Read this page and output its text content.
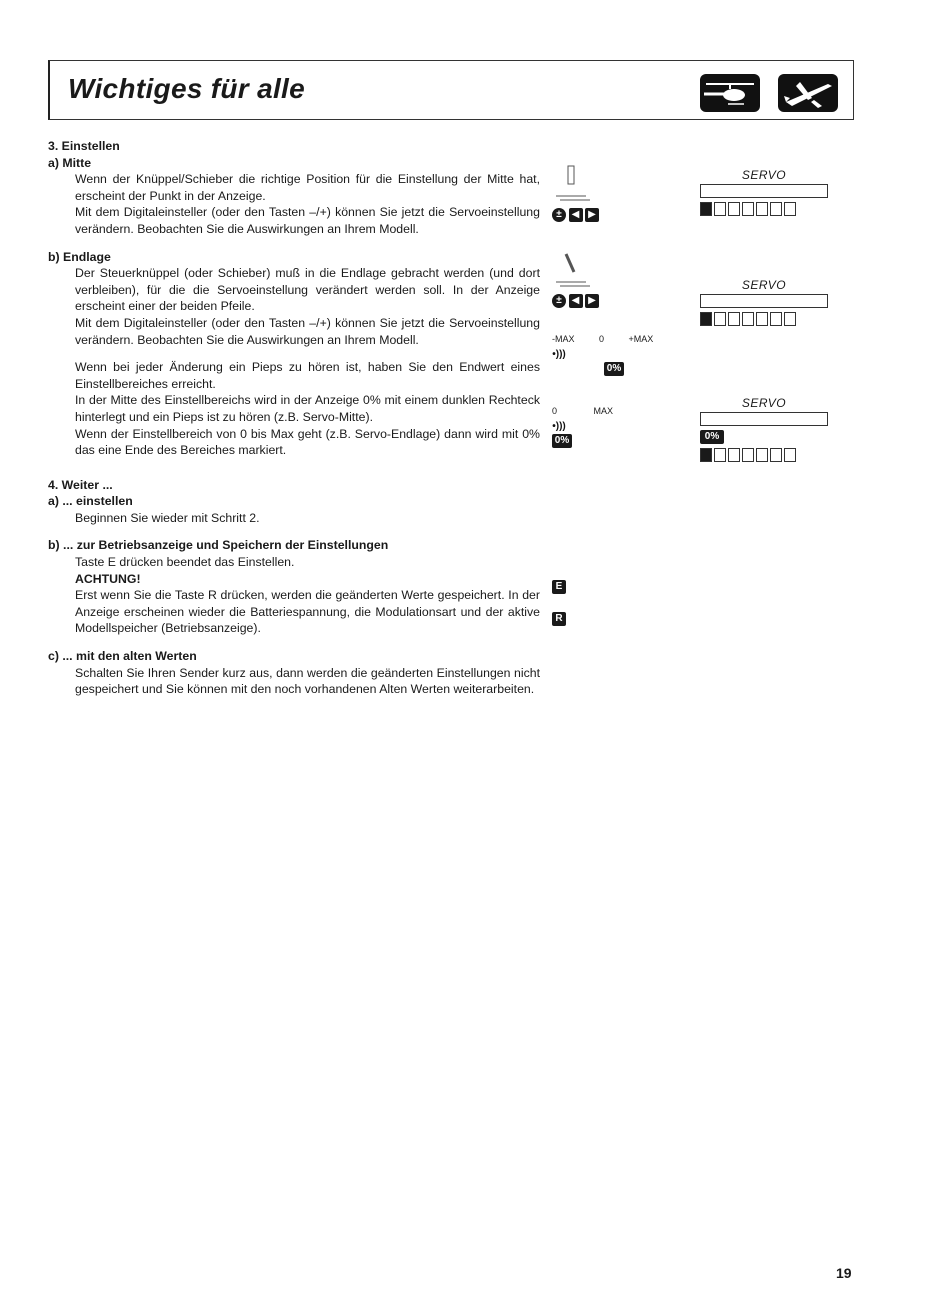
Wichtiges für alle

3. Einstellen

a) Mitte

Wenn der Knüppel/Schieber die richtige Position für die Einstellung der Mitte hat, erscheint der Punkt in der Anzeige.

Mit dem Digitaleinsteller (oder den Tasten –/+) können Sie jetzt die Servoeinstellung verändern. Beobachten Sie die Auswirkungen an Ihrem Modell.

b) Endlage

Der Steuerknüppel (oder Schieber) muß in die Endlage gebracht werden (und dort verbleiben), für die die Servoeinstellung verändert werden soll. In der Anzeige erscheint einer der beiden Pfeile.

Mit dem Digitaleinsteller (oder den Tasten –/+) können Sie jetzt die Servoeinstellung verändern. Beobachten Sie die Auswirkungen an Ihrem Modell.

Wenn bei jeder Änderung ein Pieps zu hören ist, haben Sie den Endwert eines Einstellbereiches erreicht.

In der Mitte des Einstellbereichs wird in der Anzeige 0% mit einem dunklen Rechteck hinterlegt und ein Pieps ist zu hören (z.B. Servo-Mitte).

Wenn der Einstellbereich von 0 bis Max geht (z.B. Servo-Endlage) dann wird mit 0% das eine Ende des Bereiches markiert.

4. Weiter ...

a) ... einstellen

Beginnen Sie wieder mit Schritt 2.

b) ... zur Betriebsanzeige und Speichern der Einstellungen

Taste E drücken beendet das Einstellen.

ACHTUNG!

Erst wenn Sie die Taste R drücken, werden die geänderten Werte gespeichert. In der Anzeige erscheinen wieder die Batteriespannung, die Modulationsart und der aktive Modellspeicher (Betriebsanzeige).

c) ... mit den alten Werten

Schalten Sie Ihren Sender kurz aus, dann werden die geänderten Einstellungen nicht gespeichert und Sie können mit den noch vorhandenen Alten Werten weiterarbeiten.

± ◀ ▶
± ◀ ▶
-MAX	0	+MAX
•)))
0%
0	MAX
•)))
0%
E
R
SERVO
SERVO
SERVO
0%
19
